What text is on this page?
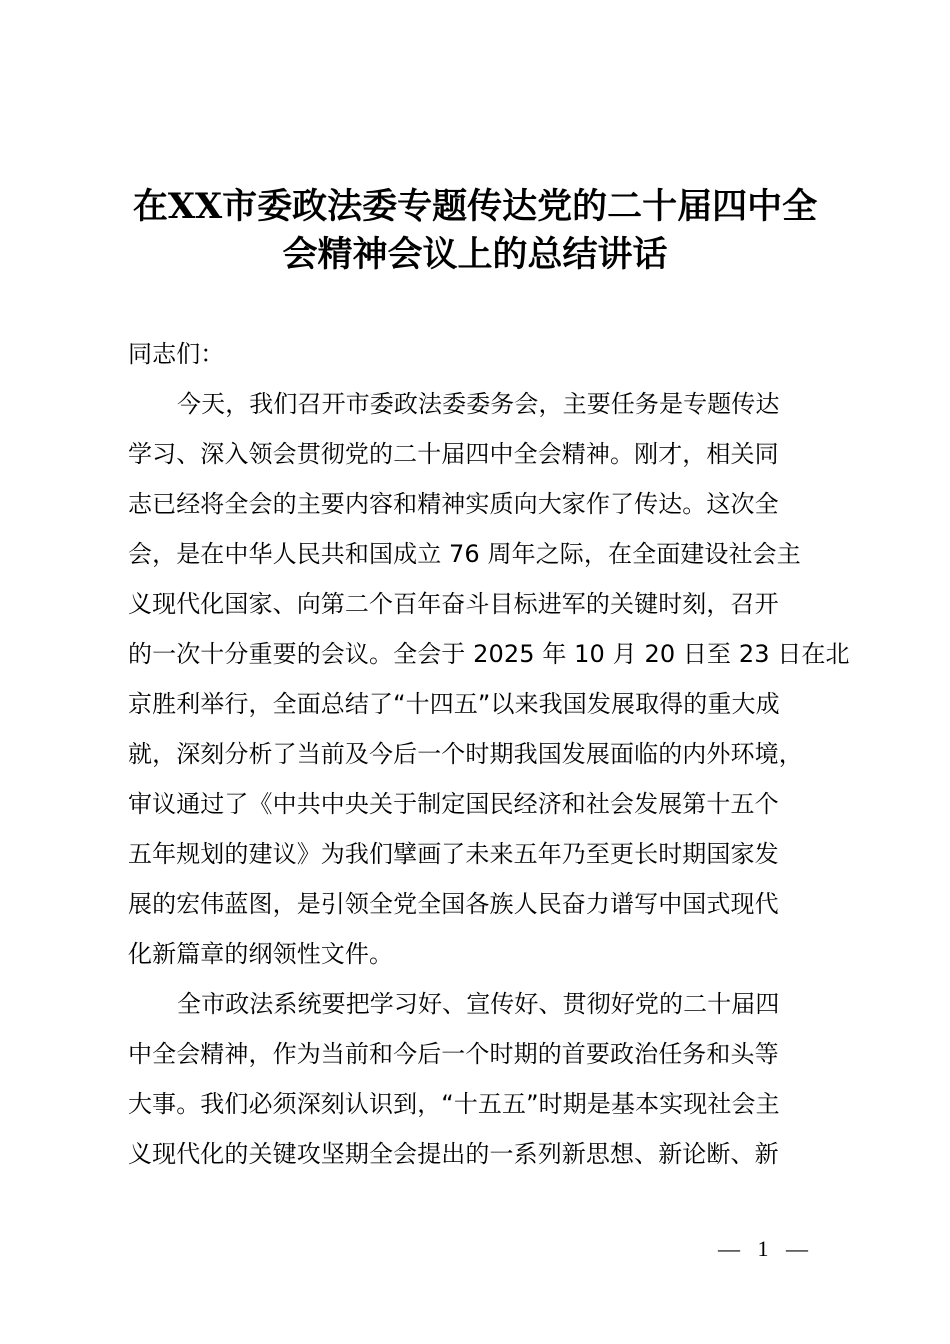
在XX市委政法委专题传达党的二十届四中全
会精神会议上的总结讲话
同志们：
今天，我们召开市委政法委委务会，主要任务是专题传达
学习、深入领会贯彻党的二十届四中全会精神。刚才，相关同
志已经将全会的主要内容和精神实质向大家作了传达。这次全
会，是在中华人民共和国成立 76 周年之际，在全面建设社会主
义现代化国家、向第二个百年奋斗目标进军的关键时刻，召开
的一次十分重要的会议。全会于 2025 年 10 月 20 日至 23 日在北
京胜利举行，全面总结了“十四五”以来我国发展取得的重大成
就，深刻分析了当前及今后一个时期我国发展面临的内外环境，
审议通过了《中共中央关于制定国民经济和社会发展第十五个
五年规划的建议》为我们擘画了未来五年乃至更长时期国家发
展的宏伟蓝图，是引领全党全国各族人民奋力谱写中国式现代
化新篇章的纲领性文件。
全市政法系统要把学习好、宣传好、贯彻好党的二十届四
中全会精神，作为当前和今后一个时期的首要政治任务和头等
大事。我们必须深刻认识到，“十五五”时期是基本实现社会主
义现代化的关键攻坚期全会提出的一系列新思想、新论断、新
— 1 —
